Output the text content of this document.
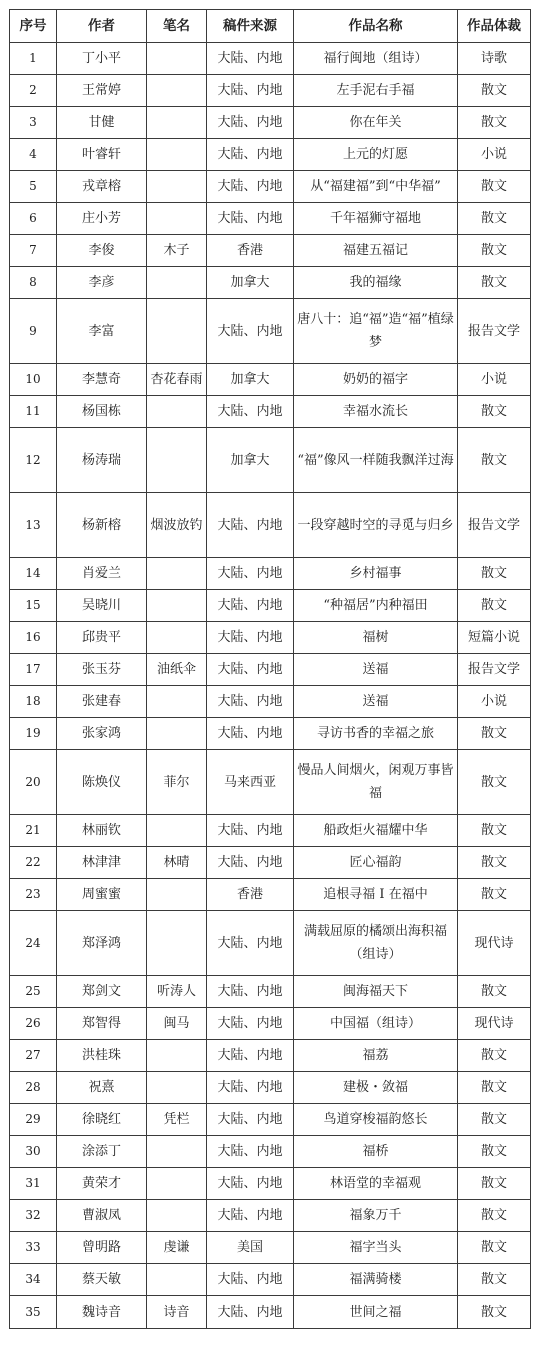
序号	作者	笔名	稿件来源	作品名称	作品体裁
1	丁小平		大陆、内地	福行闽地（组诗）	诗歌
2	王常婷		大陆、内地	左手泥右手福	散文
3	甘健		大陆、内地	你在年关	散文
4	叶睿轩		大陆、内地	上元的灯愿	小说
5	戎章榕		大陆、内地	从“福建福”到“中华福”	散文
6	庄小芳		大陆、内地	千年福狮守福地	散文
7	李俊	木子	香港	福建五福记	散文
8	李彦		加拿大	我的福缘	散文
9	李富		大陆、内地	唐八十：追“福”造“福”植绿梦	报告文学
10	李慧奇	杏花春雨	加拿大	奶奶的福字	小说
11	杨国栋		大陆、内地	幸福水流长	散文
12	杨涛瑞		加拿大	“福”像风一样随我飘洋过海	散文
13	杨新榕	烟波放钓	大陆、内地	一段穿越时空的寻觅与归乡	报告文学
14	肖爱兰		大陆、内地	乡村福事	散文
15	吴晓川		大陆、内地	“种福居”内种福田	散文
16	邱贵平		大陆、内地	福树	短篇小说
17	张玉芬	油纸伞	大陆、内地	送福	报告文学
18	张建春		大陆、内地	送福	小说
19	张家鸿		大陆、内地	寻访书香的幸福之旅	散文
20	陈焕仪	菲尔	马来西亚	慢品人间烟火，闲观万事皆福	散文
21	林丽钦		大陆、内地	船政炬火福耀中华	散文
22	林津津	林晴	大陆、内地	匠心福韵	散文
23	周蜜蜜		香港	追根寻福 I 在福中	散文
24	郑泽鸿		大陆、内地	满载屈原的橘颂出海积福（组诗）	现代诗
25	郑剑文	听涛人	大陆、内地	闽海福天下	散文
26	郑智得	闽马	大陆、内地	中国福（组诗）	现代诗
27	洪桂珠		大陆、内地	福荔	散文
28	祝熹		大陆、内地	建极・敛福	散文
29	徐晓红	凭栏	大陆、内地	鸟道穿梭福韵悠长	散文
30	涂添丁		大陆、内地	福桥	散文
31	黄荣才		大陆、内地	林语堂的幸福观	散文
32	曹淑凤		大陆、内地	福象万千	散文
33	曾明路	虔谦	美国	福字当头	散文
34	蔡天敏		大陆、内地	福满骑楼	散文
35	魏诗音	诗音	大陆、内地	世间之福	散文
